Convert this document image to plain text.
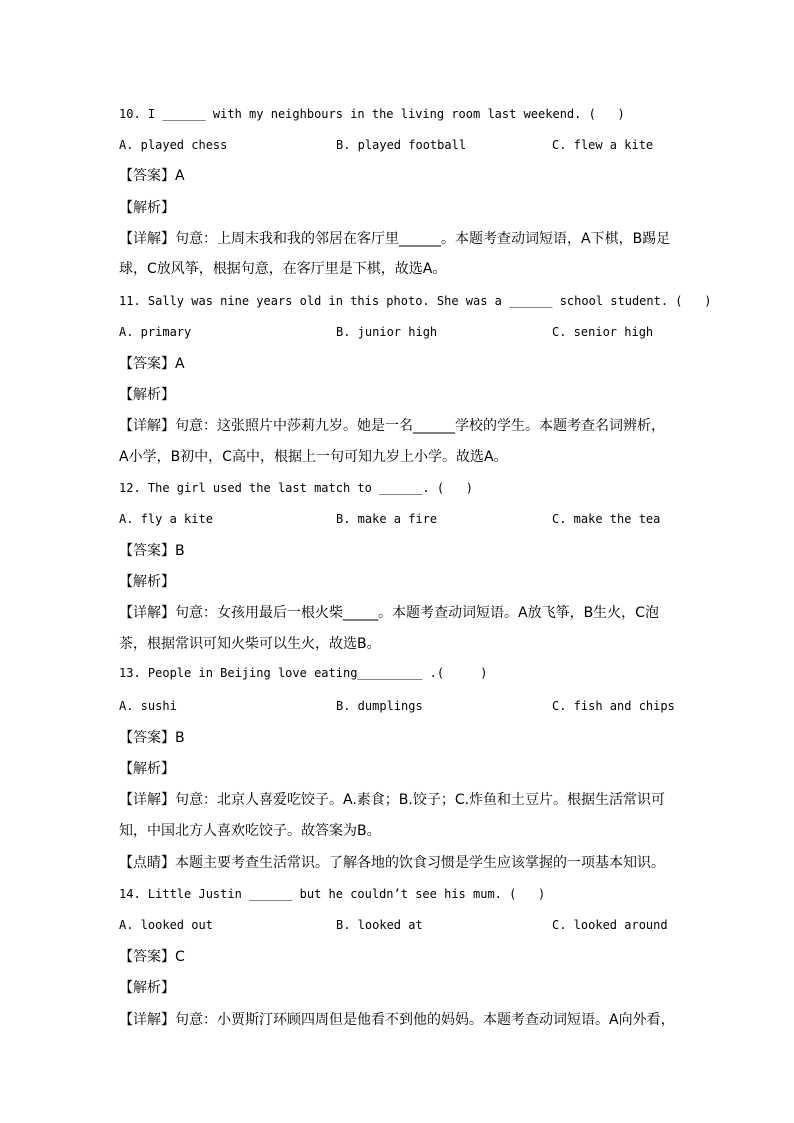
10. I ______ with my neighbours in the living room last weekend. (   )
A. played chess	B. played football	C. flew a kite
【答案】A
【解析】
【详解】句意：上周末我和我的邻居在客厅里______。本题考查动词短语，A下棋，B踢足
球，C放风筝，根据句意，在客厅里是下棋，故选A。
11. Sally was nine years old in this photo. She was a ______ school student. (   )
A. primary	B. junior high	C. senior high
【答案】A
【解析】
【详解】句意：这张照片中莎莉九岁。她是一名______学校的学生。本题考查名词辨析，
A小学，B初中，C高中，根据上一句可知九岁上小学。故选A。
12. The girl used the last match to ______. (   )
A. fly a kite	B. make a fire	C. make the tea
【答案】B
【解析】
【详解】句意：女孩用最后一根火柴_____。本题考查动词短语。A放飞筝，B生火，C泡
茶，根据常识可知火柴可以生火，故选B。
13. People in Beijing love eating_________ .(     )
A. sushi	B. dumplings	C. fish and chips
【答案】B
【解析】
【详解】句意：北京人喜爱吃饺子。A.素食；B.饺子；C.炸鱼和土豆片。根据生活常识可
知，中国北方人喜欢吃饺子。故答案为B。
【点睛】本题主要考查生活常识。了解各地的饮食习惯是学生应该掌握的一项基本知识。
14. Little Justin ______ but he couldn’t see his mum. (   )
A. looked out	B. looked at	C. looked around
【答案】C
【解析】
【详解】句意：小贾斯汀环顾四周但是他看不到他的妈妈。本题考查动词短语。A向外看，
